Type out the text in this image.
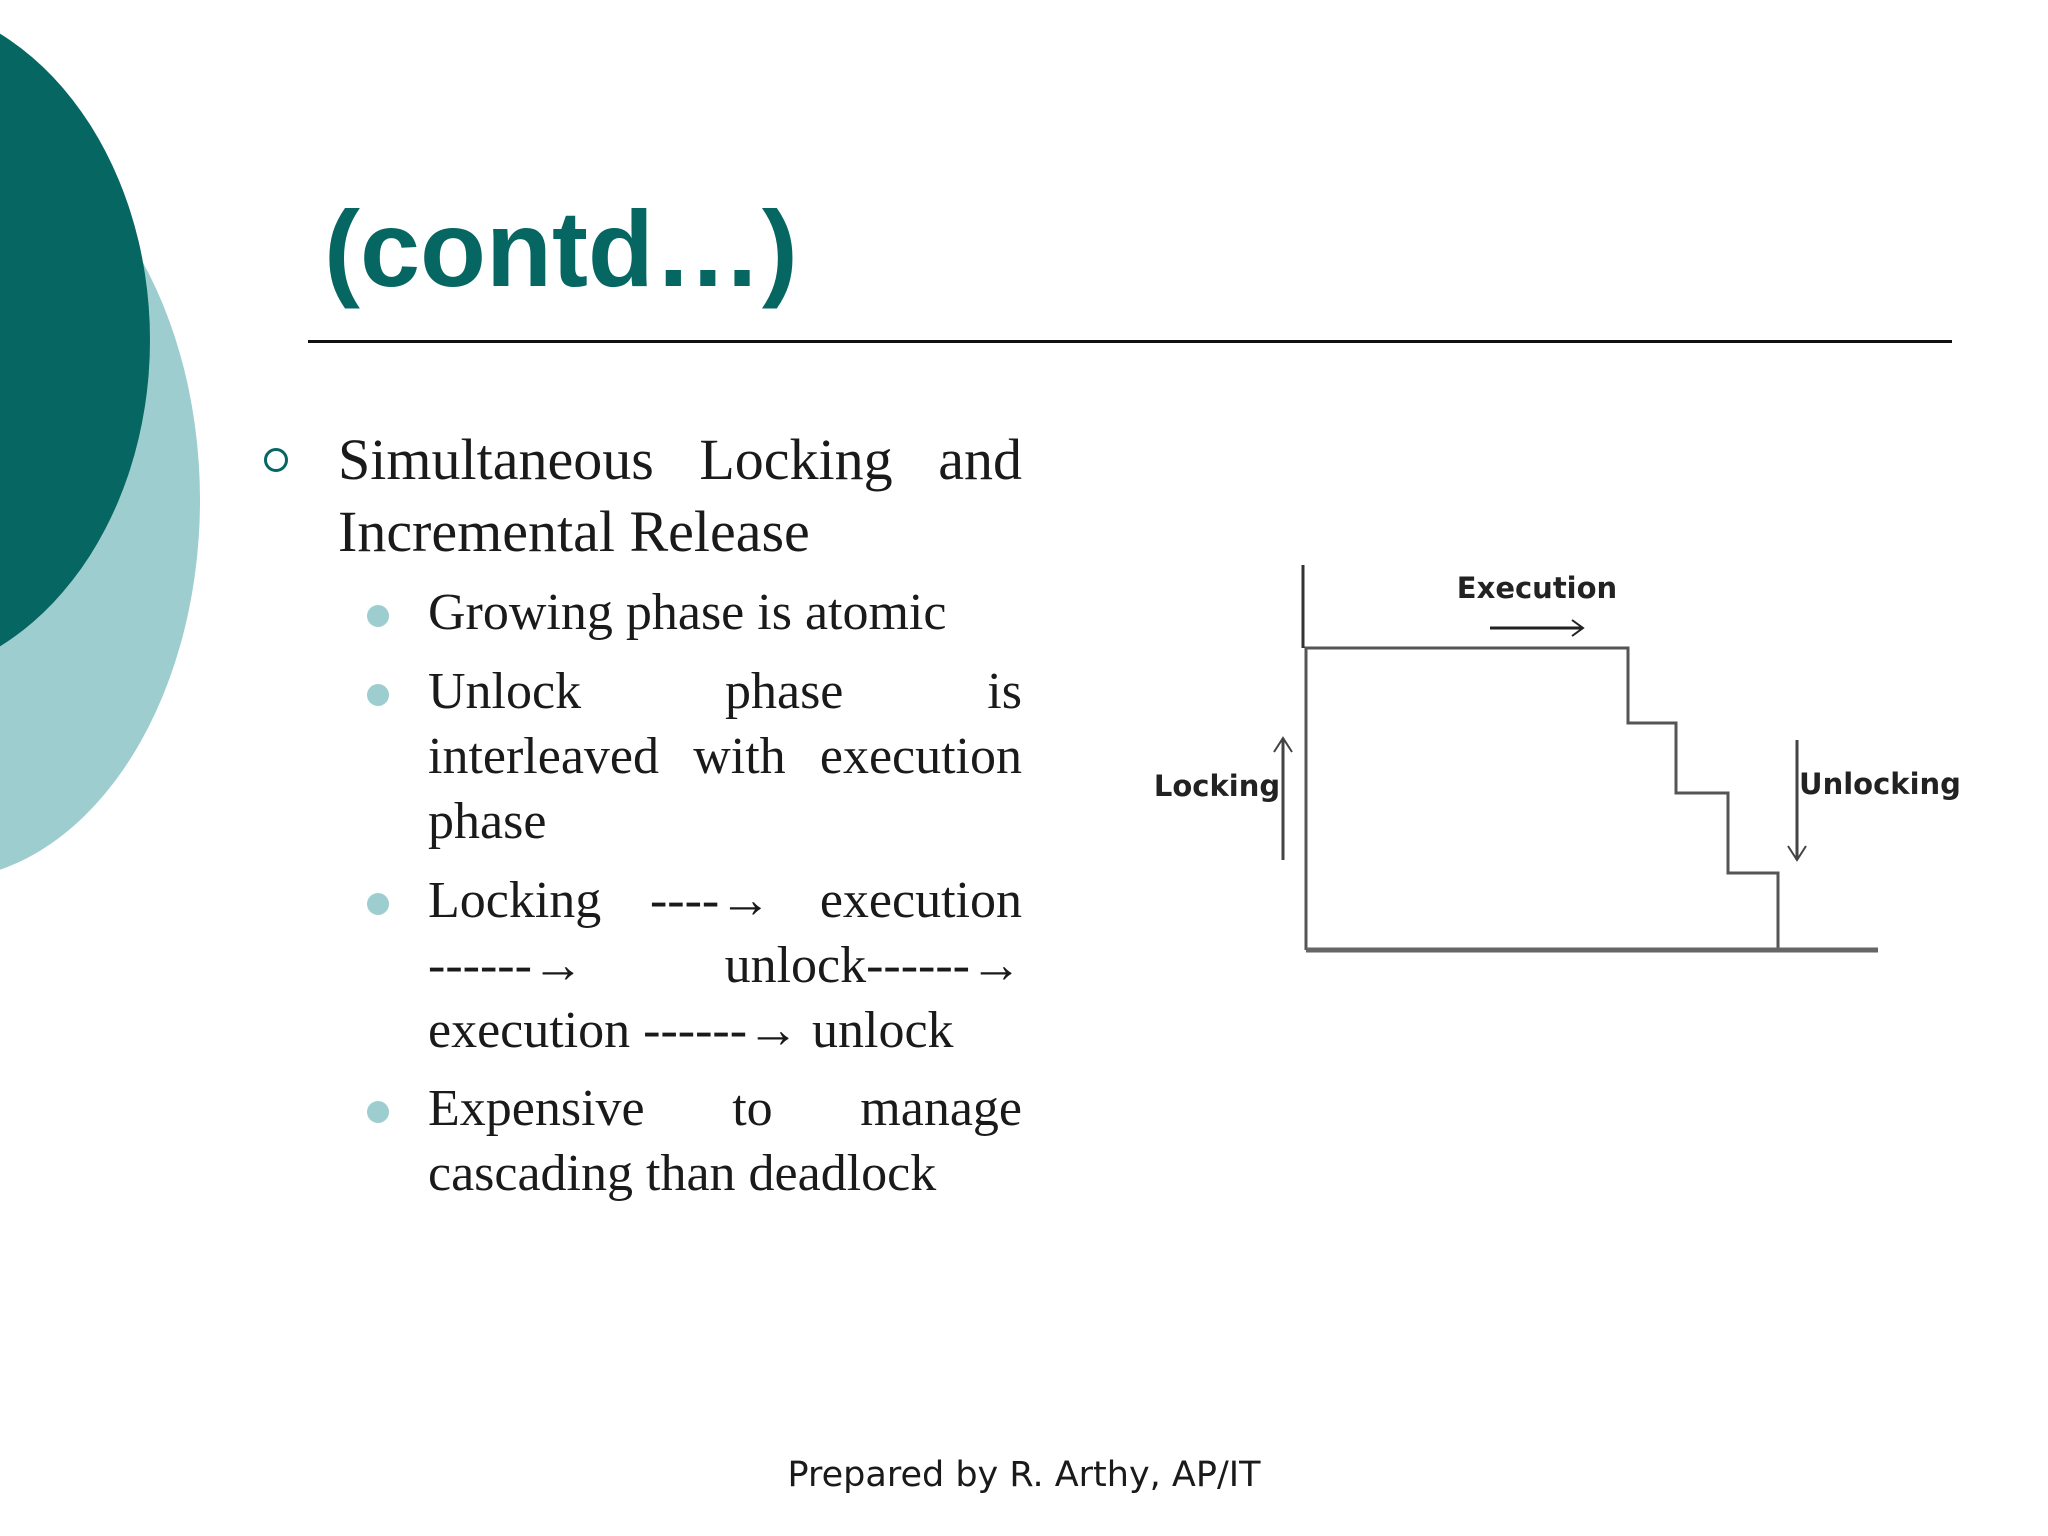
(contd…)
Simultaneous Locking and

Incremental Release
Growing phase is atomic
Unlock phase is
interleaved with execution

phase
Locking ----→ execution
------→ unlock------→

execution ------→ unlock
Expensive to manage

cascading than deadlock
Execution
Locking	Unlocking
Prepared by R. Arthy, AP/IT
